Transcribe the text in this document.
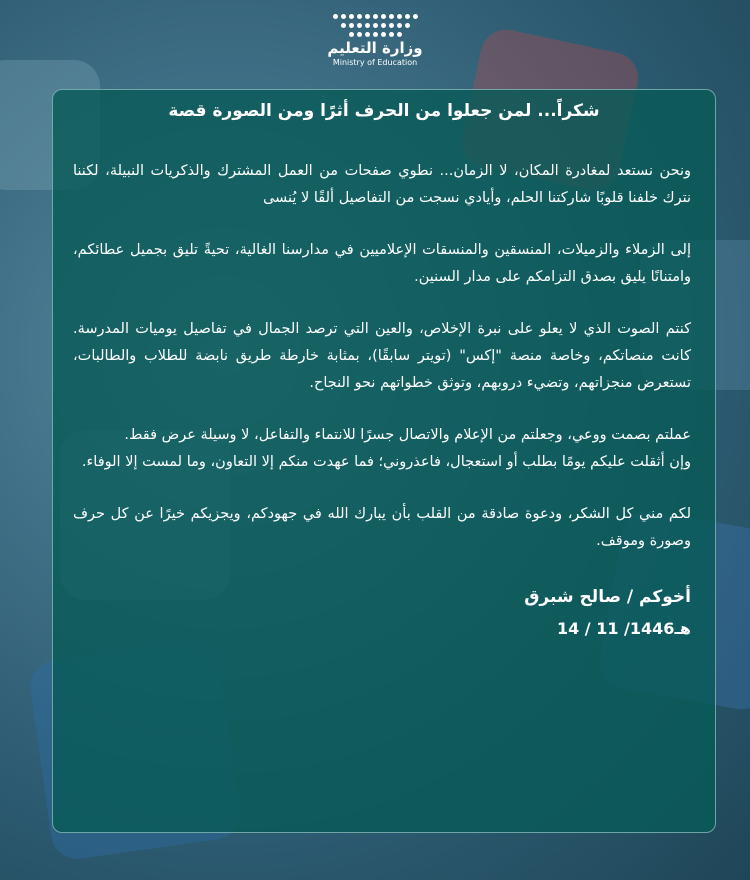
وزارة التعليم
Ministry of Education
شكراً... لمن جعلوا من الحرف أثرًا ومن الصورة قصة
ونحن نستعد لمغادرة المكان، لا الزمان... نطوي صفحات من العمل المشترك والذكريات النبيلة، لكننا نترك خلفنا قلوبًا شاركتنا الحلم، وأيادي نسجت من التفاصيل ألقًا لا يُنسى
إلى الزملاء والزميلات، المنسقين والمنسقات الإعلاميين في مدارسنا الغالية، تحيةً تليق بجميل عطائكم، وامتنانًا يليق بصدق التزامكم على مدار السنين.
كنتم الصوت الذي لا يعلو على نبرة الإخلاص، والعين التي ترصد الجمال في تفاصيل يوميات المدرسة. كانت منصاتكم، وخاصة منصة "إكس" (تويتر سابقًا)، بمثابة خارطة طريق نابضة للطلاب والطالبات، تستعرض منجزاتهم، وتضيء دروبهم، وتوثق خطواتهم نحو النجاح.
عملتم بصمت ووعي، وجعلتم من الإعلام والاتصال جسرًا للانتماء والتفاعل، لا وسيلة عرض فقط.
وإن أثقلت عليكم يومًا بطلب أو استعجال، فاعذروني؛ فما عهدت منكم إلا التعاون، وما لمست إلا الوفاء.
لكم مني كل الشكر، ودعوة صادقة من القلب بأن يبارك الله في جهودكم، ويجزيكم خيرًا عن كل حرف وصورة وموقف.
أخوكم / صالح شبرق
14 / 11 /1446هـ
